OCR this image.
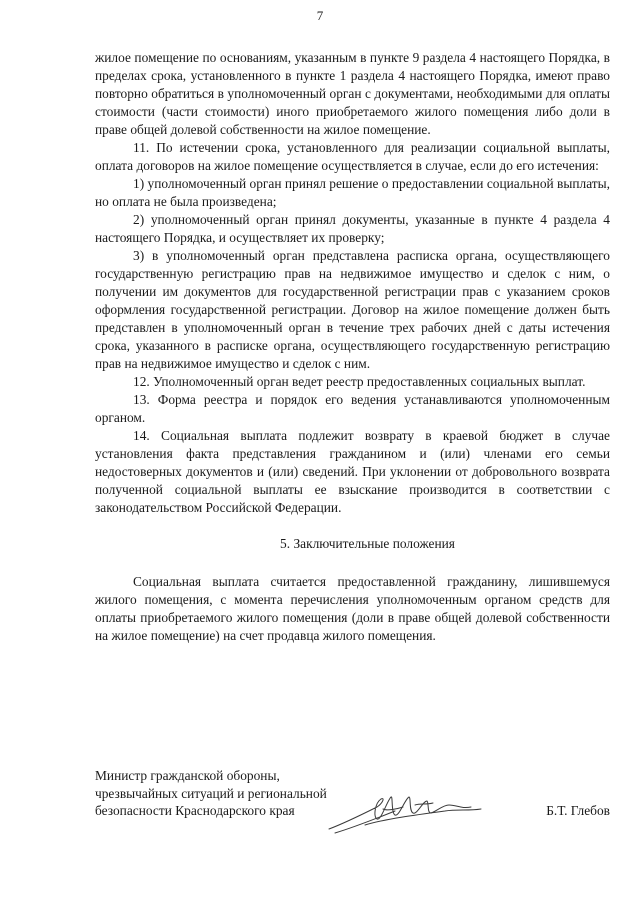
7

жилое помещение по основаниям, указанным в пункте 9 раздела 4 настоящего Порядка, в пределах срока, установленного в пункте 1 раздела 4 настоящего Порядка, имеют право повторно обратиться в уполномоченный орган с документами, необходимыми для оплаты стоимости (части стоимости) иного приобретаемого жилого помещения либо доли в праве общей долевой собственности на жилое помещение.

11. По истечении срока, установленного для реализации социальной выплаты, оплата договоров на жилое помещение осуществляется в случае, если до его истечения:

1) уполномоченный орган принял решение о предоставлении социальной выплаты, но оплата не была произведена;

2) уполномоченный орган принял документы, указанные в пункте 4 раздела 4 настоящего Порядка, и осуществляет их проверку;

3) в уполномоченный орган представлена расписка органа, осуществляющего государственную регистрацию прав на недвижимое имущество и сделок с ним, о получении им документов для государственной регистрации прав с указанием сроков оформления государственной регистрации. Договор на жилое помещение должен быть представлен в уполномоченный орган в течение трех рабочих дней с даты истечения срока, указанного в расписке органа, осуществляющего государственную регистрацию прав на недвижимое имущество и сделок с ним.

12. Уполномоченный орган ведет реестр предоставленных социальных выплат.

13. Форма реестра и порядок его ведения устанавливаются уполномоченным органом.

14. Социальная выплата подлежит возврату в краевой бюджет в случае установления факта представления гражданином и (или) членами его семьи недостоверных документов и (или) сведений. При уклонении от добровольного возврата полученной социальной выплаты ее взыскание производится в соответствии с законодательством Российской Федерации.

5. Заключительные положения

Социальная выплата считается предоставленной гражданину, лишившемуся жилого помещения, с момента перечисления уполномоченным органом средств для оплаты приобретаемого жилого помещения (доли в праве общей долевой собственности на жилое помещение) на счет продавца жилого помещения.

Министр гражданской обороны,
чрезвычайных ситуаций и региональной
безопасности Краснодарского края	Б.Т. Глебов
